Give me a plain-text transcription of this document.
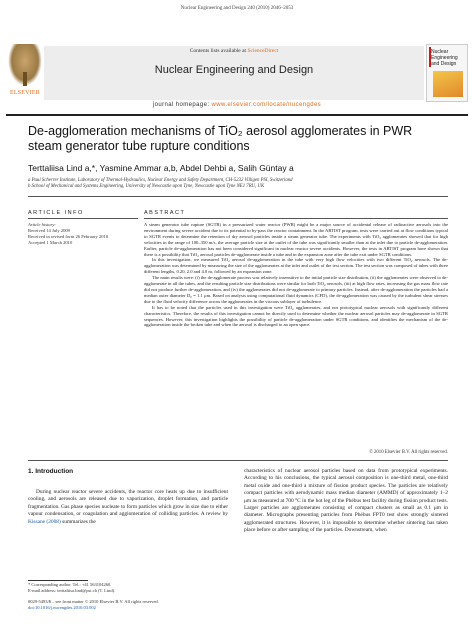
Nuclear Engineering and Design 240 (2010) 2046–2053
Contents lists available at ScienceDirect
Nuclear Engineering and Design
ELSEVIER
Nuclear Engineering and Design
journal homepage: www.elsevier.com/locate/nucengdes
De-agglomeration mechanisms of TiO₂ aerosol agglomerates in PWR steam generator tube rupture conditions
Terttaliisa Lind a,*, Yasmine Ammar a,b, Abdel Dehbi a, Salih Güntay a
a Paul Scherrer Institute, Laboratory of Thermal-Hydraulics, Nuclear Energy and Safety Department, CH-5232 Villigen PSI, Switzerland
b School of Mechanical and Systems Engineering, University of Newcastle upon Tyne, Newcastle upon Tyne NE1 7RU, UK
ARTICLE INFO	ABSTRACT
Article history:
Received 14 July 2009
Received in revised form 26 February 2010
Accepted 1 March 2010

A steam generator tube rupture (SGTR) in a pressurized water reactor (PWR) might be a major source of accidental release of radioactive aerosols into the environment during severe accident due to its potential to by-pass the reactor containment. In the ARTIST program, tests were carried out at flow conditions typical to SGTR events to determine the retention of dry aerosol particles inside a steam generator tube. The experiments with TiO₂ agglomerates showed that for high velocities in the range of 100–350 m/s, the average particle size at the outlet of the tube was significantly smaller than at the inlet due to particle de-agglomeration. Earlier, particle de-agglomeration has not been considered significant in nuclear reactor severe accidents. However, the tests in ARTIST program have shown that there is a possibility that TiO₂ aerosol particles de-agglomerate inside a tube and in the expansion zone after the tube exit under SGTR conditions.

In this investigation, we measured TiO₂ aerosol de-agglomeration in the tube with very high flow velocities with two different TiO₂ aerosols. The de-agglomeration was determined by measuring the size of the agglomerates at the inlet and outlet of the test section. The test section was composed of tubes with three different lengths, 0.20, 2.0 and 4.0 m, followed by an expansion zone.

The main results were: (i) the de-agglomerate process was relatively insensitive to the initial particle size distribution, (ii) the agglomerates were observed to de-agglomerate in all the tubes, and the resulting particle size distributions were similar for both TiO₂ aerosols, (iii) at high flow rates, increasing the gas mass flow rate did not produce further de-agglomeration, and (iv) the agglomerates did not de-agglomerate to primary particles. Instead, after de-agglomeration the particles had a median outer diameter D₀ = 1.1 μm. Based on analysis using computational fluid dynamics (CFD), the de-agglomeration was caused by the turbulent shear stresses due to the fluid velocity difference across the agglomerates in the viscous sublayer of turbulence.

It has to be noted that the particles used in this investigation were TiO₂ agglomerates, and not prototypical nuclear aerosols with significantly different characteristics. Therefore, the results of this investigation cannot be directly used to determine whether the nuclear aerosol particles may de-agglomerate in SGTR sequences. However, this investigation highlights the possibility of particle de-agglomeration under SGTR conditions, and identifies the mechanism of the de-agglomeration inside the broken tube and when the aerosol is discharged to an open space.

© 2010 Elsevier B.V. All rights reserved.
1. Introduction
During nuclear reactor severe accidents, the reactor core heats up due to insufficient cooling, and aerosols are released due to vaporization, droplet formation, and particle fragmentation. Gas phase species nucleate to form particles which grow in size due to either vapour condensation, or coagulation and agglomeration of colliding particles. A review by Kissane (2008) summarizes the
characteristics of nuclear aerosol particles based on data from prototypical experiments. According to his conclusions, the typical aerosol composition is one-third metal, one-third metal oxide and one-third a mixture of fission product species. The particles are relatively compact particles with aerodynamic mass median diameter (AMMD) of approximately 1–2 μm as measured at 700 °C in the hot leg of the Phébus test facility during fission product tests. Larger particles are agglomerates consisting of compact clusters as small as 0.1 μm in diameter. Micrographs presenting particles from Phébus FPT0 test show strongly sintered agglomerated structures. However, it is impossible to determine whether sintering has taken place before or after sampling of the particles. Downstream, when
* Corresponding author. Tel.: +41 563104260.
E-mail address: terttaliisa.lind@psi.ch (T. Lind).
0029-5493/$ – see front matter © 2010 Elsevier B.V. All rights reserved.
doi:10.1016/j.nucengdes.2010.03.002
